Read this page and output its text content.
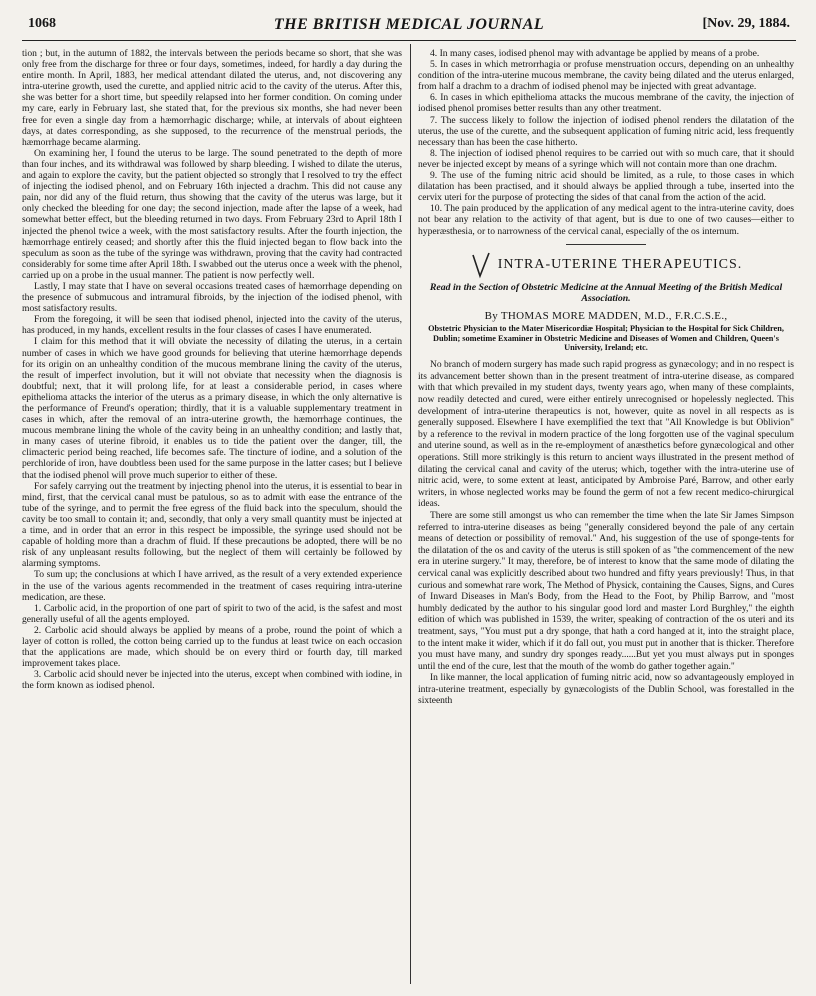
1068	THE BRITISH MEDICAL JOURNAL	[Nov. 29, 1884.

tion ; but, in the autumn of 1882, the intervals between the periods became so short, that she was only free from the discharge for three or four days, sometimes, indeed, for hardly a day during the entire month. In April, 1883, her medical attendant dilated the uterus, and, not discovering any intra-uterine growth, used the curette, and applied nitric acid to the cavity of the uterus. After this, she was better for a short time, but speedily relapsed into her former condition. On coming under my care, early in February last, she stated that, for the previous six months, she had never been free for even a single day from a hæmorrhagic discharge; while, at intervals of about eighteen days, at dates corresponding, as she supposed, to the recurrence of the menstrual periods, the hæmorrhage became alarming.

On examining her, I found the uterus to be large. The sound penetrated to the depth of more than four inches, and its withdrawal was followed by sharp bleeding. I wished to dilate the uterus, and again to explore the cavity, but the patient objected so strongly that I resolved to try the effect of injecting the iodised phenol, and on February 16th injected a drachm. This did not cause any pain, nor did any of the fluid return, thus showing that the cavity of the uterus was large, but it only checked the bleeding for one day; the second injection, made after the lapse of a week, had somewhat better effect, but the bleeding returned in two days. From February 23rd to April 18th I injected the phenol twice a week, with the most satisfactory results. After the fourth injection, the hæmorrhage entirely ceased; and shortly after this the fluid injected began to flow back into the speculum as soon as the tube of the syringe was withdrawn, proving that the cavity had contracted considerably for some time after April 18th. I swabbed out the uterus once a week with the phenol, carried up on a probe in the usual manner. The patient is now perfectly well.

Lastly, I may state that I have on several occasions treated cases of hæmorrhage depending on the presence of submucous and intramural fibroids, by the injection of the iodised phenol, with most satisfactory results.

From the foregoing, it will be seen that iodised phenol, injected into the cavity of the uterus, has produced, in my hands, excellent results in the four classes of cases I have enumerated.

I claim for this method that it will obviate the necessity of dilating the uterus, in a certain number of cases in which we have good grounds for believing that uterine hæmorrhage depends for its origin on an unhealthy condition of the mucous membrane lining the cavity of the uterus, the result of imperfect involution, but it will not obviate that necessity when the diagnosis is doubtful; next, that it will prolong life, for at least a considerable period, in cases where epithelioma attacks the interior of the uterus as a primary disease, in which the only alternative is the performance of Freund's operation; thirdly, that it is a valuable supplementary treatment in cases in which, after the removal of an intra-uterine growth, the hæmorrhage continues, the mucous membrane lining the whole of the cavity being in an unhealthy condition; and lastly that, in many cases of uterine fibroid, it enables us to tide the patient over the danger, till, the climacteric period being reached, life becomes safe. The tincture of iodine, and a solution of the perchloride of iron, have doubtless been used for the same purpose in the latter cases; but I believe that the iodised phenol will prove much superior to either of these.

For safely carrying out the treatment by injecting phenol into the uterus, it is essential to bear in mind, first, that the cervical canal must be patulous, so as to admit with ease the entrance of the tube of the syringe, and to permit the free egress of the fluid back into the speculum, should the cavity be too small to contain it; and, secondly, that only a very small quantity must be injected at a time, and in order that an error in this respect be impossible, the syringe used should not be capable of holding more than a drachm of fluid. If these precautions be adopted, there will be no risk of any unpleasant results following, but the neglect of them will certainly be followed by alarming symptoms.

To sum up; the conclusions at which I have arrived, as the result of a very extended experience in the use of the various agents recommended in the treatment of cases requiring intra-uterine medication, are these.

1. Carbolic acid, in the proportion of one part of spirit to two of the acid, is the safest and most generally useful of all the agents employed.

2. Carbolic acid should always be applied by means of a probe, round the point of which a layer of cotton is rolled, the cotton being carried up to the fundus at least twice on each occasion that the applications are made, which should be on every third or fourth day, till marked improvement takes place.

3. Carbolic acid should never be injected into the uterus, except when combined with iodine, in the form known as iodised phenol.

4. In many cases, iodised phenol may with advantage be applied by means of a probe.

5. In cases in which metrorrhagia or profuse menstruation occurs, depending on an unhealthy condition of the intra-uterine mucous membrane, the cavity being dilated and the uterus enlarged, from half a drachm to a drachm of iodised phenol may be injected with great advantage.

6. In cases in which epithelioma attacks the mucous membrane of the cavity, the injection of iodised phenol promises better results than any other treatment.

7. The success likely to follow the injection of iodised phenol renders the dilatation of the uterus, the use of the curette, and the subsequent application of fuming nitric acid, less frequently necessary than has been the case hitherto.

8. The injection of iodised phenol requires to be carried out with so much care, that it should never be injected except by means of a syringe which will not contain more than one drachm.

9. The use of the fuming nitric acid should be limited, as a rule, to those cases in which dilatation has been practised, and it should always be applied through a tube, inserted into the cervix uteri for the purpose of protecting the sides of that canal from the action of the acid.

10. The pain produced by the application of any medical agent to the intra-uterine cavity, does not bear any relation to the activity of that agent, but is due to one of two causes—either to hyperæsthesia, or to narrowness of the cervical canal, especially of the os internum.

INTRA-UTERINE THERAPEUTICS.
Read in the Section of Obstetric Medicine at the Annual Meeting of the British Medical Association.
By THOMAS MORE MADDEN, M.D., F.R.C.S.E.,
Obstetric Physician to the Mater Misericordiæ Hospital; Physician to the Hospital for Sick Children, Dublin; sometime Examiner in Obstetric Medicine and Diseases of Women and Children, Queen's University, Ireland; etc.

No branch of modern surgery has made such rapid progress as gynæcology; and in no respect is its advancement better shown than in the present treatment of intra-uterine disease, as compared with that which prevailed in my student days, twenty years ago, when many of these complaints, now readily detected and cured, were either entirely unrecognised or hopelessly neglected. This development of intra-uterine therapeutics is not, however, quite as novel in all respects as is generally supposed. Elsewhere I have exemplified the text that "All Knowledge is but Oblivion" by a reference to the revival in modern practice of the long forgotten use of the vaginal speculum and uterine sound, as well as in the re-employment of anæsthetics before gynæcological and other operations. Still more strikingly is this return to ancient ways illustrated in the present method of dilating the cervical canal and cavity of the uterus; which, together with the intra-uterine use of nitric acid, were, to some extent at least, anticipated by Ambroise Paré, Barrow, and other early writers, in whose neglected works may be found the germ of not a few recent medico-chirurgical ideas.

There are some still amongst us who can remember the time when the late Sir James Simpson referred to intra-uterine diseases as being "generally considered beyond the pale of any certain means of detection or possibility of removal." And, his suggestion of the use of sponge-tents for the dilatation of the os and cavity of the uterus is still spoken of as "the commencement of the new era in uterine surgery." It may, therefore, be of interest to know that the same mode of dilating the cervical canal was explicitly described about two hundred and fifty years previously! Thus, in that curious and somewhat rare work, The Method of Physick, containing the Causes, Signs, and Cures of Inward Diseases in Man's Body, from the Head to the Foot, by Philip Barrow, and "most humbly dedicated by the author to his singular good lord and master Lord Burghley," the eighth edition of which was published in 1539, the writer, speaking of contraction of the os uteri and its treatment, says, "You must put a dry sponge, that hath a cord hanged at it, into the straight place, to the intent make it wider, which if it do fall out, you must put in another that is thicker. Therefore you must have many, and sundry dry sponges ready......But yet you must always put in sponges until the end of the cure, lest that the mouth of the womb do gather together again."

In like manner, the local application of fuming nitric acid, now so advantageously employed in intra-uterine treatment, especially by gynæcologists of the Dublin School, was forestalled in the sixteenth
